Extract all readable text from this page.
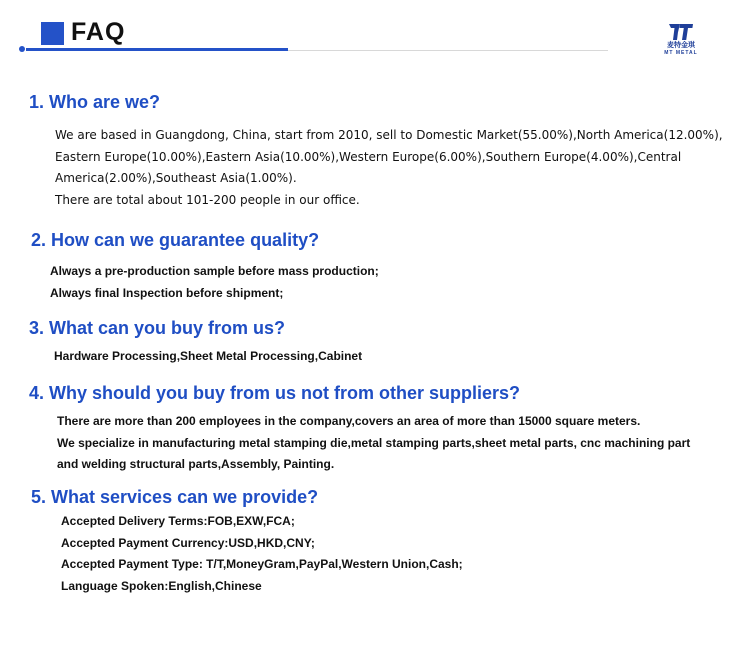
FAQ	麦特金琪
MT METAL
1. Who are we?
We are based in Guangdong, China, start from 2010, sell to Domestic Market(55.00%),North America(12.00%),
Eastern Europe(10.00%),Eastern Asia(10.00%),Western Europe(6.00%),Southern Europe(4.00%),Central
America(2.00%),Southeast Asia(1.00%).
There are total about 101-200 people in our office.
2. How can we guarantee quality?
Always a pre-production sample before mass production;
Always final Inspection before shipment;
3. What can you buy from us?
Hardware Processing,Sheet Metal Processing,Cabinet
4. Why should you buy from us not from other suppliers?
There are more than 200 employees in the company,covers an area of more than 15000 square meters.
We specialize in manufacturing metal stamping die,metal stamping parts,sheet metal parts, cnc machining part
and welding structural parts,Assembly, Painting.
5. What services can we provide?
Accepted Delivery Terms:FOB,EXW,FCA;
Accepted Payment Currency:USD,HKD,CNY;
Accepted Payment Type: T/T,MoneyGram,PayPal,Western Union,Cash;
Language Spoken:English,Chinese
